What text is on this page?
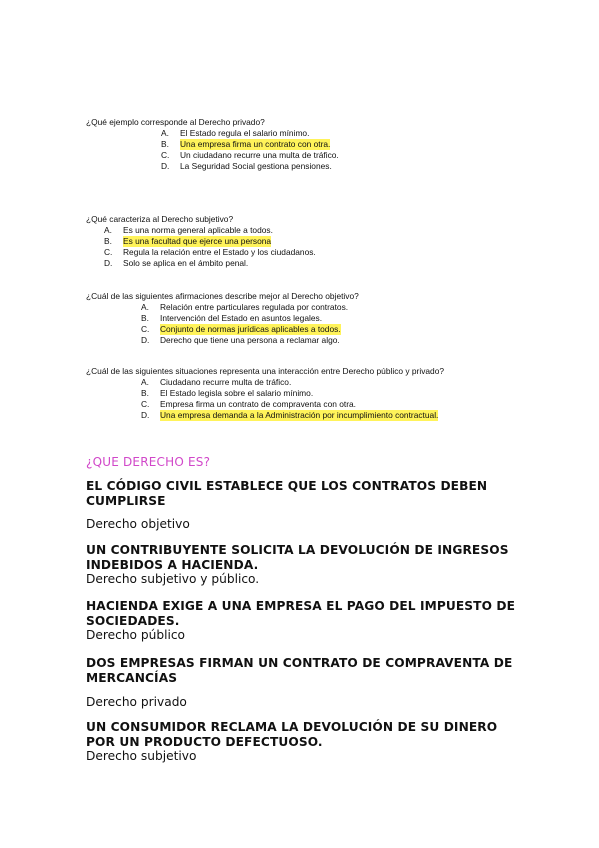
¿Qué ejemplo corresponde al Derecho privado?
A.	El Estado regula el salario mínimo.
B.	Una empresa firma un contrato con otra.
C.	Un ciudadano recurre una multa de tráfico.
D.	La Seguridad Social gestiona pensiones.
¿Qué caracteriza al Derecho subjetivo?
A.	Es una norma general aplicable a todos.
B.	Es una facultad que ejerce una persona
C.	Regula la relación entre el Estado y los ciudadanos.
D.	Solo se aplica en el ámbito penal.
¿Cuál de las siguientes afirmaciones describe mejor al Derecho objetivo?
A.	Relación entre particulares regulada por contratos.
B.	Intervención del Estado en asuntos legales.
C.	Conjunto de normas jurídicas aplicables a todos.
D.	Derecho que tiene una persona a reclamar algo.
¿Cuál de las siguientes situaciones representa una interacción entre Derecho público y privado?
A.	Ciudadano recurre multa de tráfico.
B.	El Estado legisla sobre el salario mínimo.
C.	Empresa firma un contrato de compraventa con otra.
D.	Una empresa demanda a la Administración por incumplimiento contractual.
¿QUE DERECHO ES?
EL CÓDIGO CIVIL ESTABLECE QUE LOS CONTRATOS DEBEN CUMPLIRSE
Derecho objetivo
UN CONTRIBUYENTE SOLICITA LA DEVOLUCIÓN DE INGRESOS INDEBIDOS A HACIENDA.
Derecho subjetivo y público.
HACIENDA EXIGE A UNA EMPRESA EL PAGO DEL IMPUESTO DE SOCIEDADES.
Derecho público
DOS EMPRESAS FIRMAN UN CONTRATO DE COMPRAVENTA DE MERCANCÍAS
Derecho privado
UN CONSUMIDOR RECLAMA LA DEVOLUCIÓN DE SU DINERO POR UN PRODUCTO DEFECTUOSO.
Derecho subjetivo
